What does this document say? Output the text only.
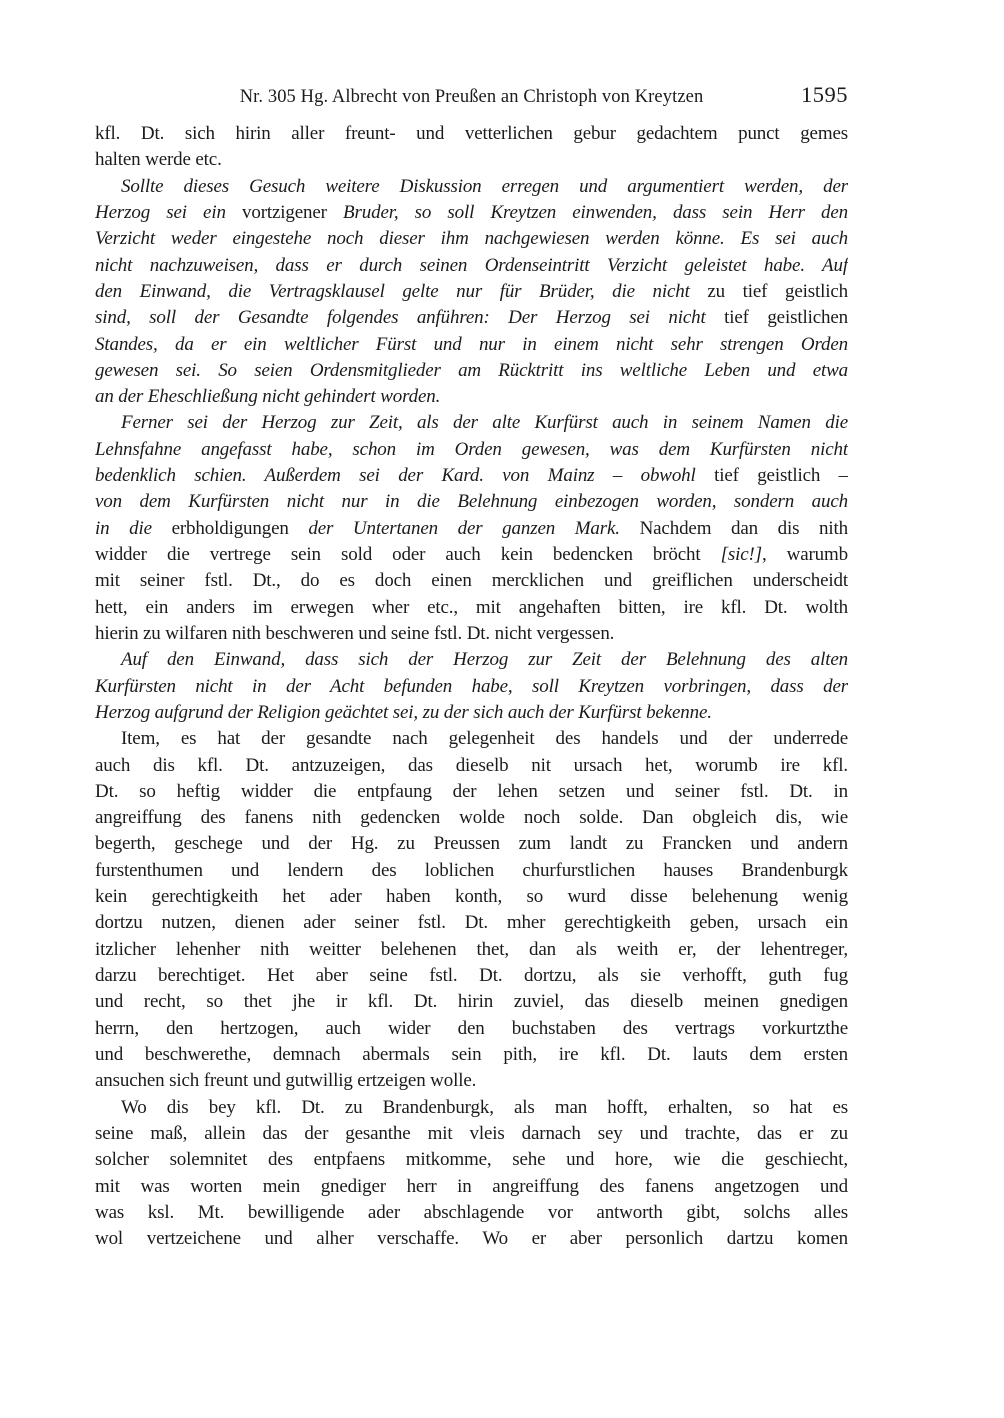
Nr. 305 Hg. Albrecht von Preußen an Christoph von Kreytzen	1595
kfl. Dt. sich hirin aller freunt- und vetterlichen gebur gedachtem punct gemes
halten werde etc.
Sollte dieses Gesuch weitere Diskussion erregen und argumentiert werden, der
Herzog sei ein vortzigener Bruder, so soll Kreytzen einwenden, dass sein Herr den
Verzicht weder eingestehe noch dieser ihm nachgewiesen werden könne. Es sei auch
nicht nachzuweisen, dass er durch seinen Ordenseintritt Verzicht geleistet habe. Auf
den Einwand, die Vertragsklausel gelte nur für Brüder, die nicht zu tief geistlich
sind, soll der Gesandte folgendes anführen: Der Herzog sei nicht tief geistlichen
Standes, da er ein weltlicher Fürst und nur in einem nicht sehr strengen Orden
gewesen sei. So seien Ordensmitglieder am Rücktritt ins weltliche Leben und etwa
an der Eheschließung nicht gehindert worden.
Ferner sei der Herzog zur Zeit, als der alte Kurfürst auch in seinem Namen die
Lehnsfahne angefasst habe, schon im Orden gewesen, was dem Kurfürsten nicht
bedenklich schien. Außerdem sei der Kard. von Mainz – obwohl tief geistlich –
von dem Kurfürsten nicht nur in die Belehnung einbezogen worden, sondern auch
in die erbholdigungen der Untertanen der ganzen Mark. Nachdem dan dis nith
widder die vertrege sein sold oder auch kein bedencken bröcht [sic!], warumb
mit seiner fstl. Dt., do es doch einen mercklichen und greiflichen underscheidt
hett, ein anders im erwegen wher etc., mit angehaften bitten, ire kfl. Dt. wolth
hierin zu wilfaren nith beschweren und seine fstl. Dt. nicht vergessen.
Auf den Einwand, dass sich der Herzog zur Zeit der Belehnung des alten
Kurfürsten nicht in der Acht befunden habe, soll Kreytzen vorbringen, dass der
Herzog aufgrund der Religion geächtet sei, zu der sich auch der Kurfürst bekenne.
Item, es hat der gesandte nach gelegenheit des handels und der underrede
auch dis kfl. Dt. antzuzeigen, das dieselb nit ursach het, worumb ire kfl.
Dt. so heftig widder die entpfaung der lehen setzen und seiner fstl. Dt. in
angreiffung des fanens nith gedencken wolde noch solde. Dan obgleich dis, wie
begerth, geschege und der Hg. zu Preussen zum landt zu Francken und andern
furstenthumen und lendern des loblichen churfurstlichen hauses Brandenburgk
kein gerechtigkeith het ader haben konth, so wurd disse belehenung wenig
dortzu nutzen, dienen ader seiner fstl. Dt. mher gerechtigkeith geben, ursach ein
itzlicher lehenher nith weitter belehenen thet, dan als weith er, der lehentreger,
darzu berechtiget. Het aber seine fstl. Dt. dortzu, als sie verhofft, guth fug
und recht, so thet jhe ir kfl. Dt. hirin zuviel, das dieselb meinen gnedigen
herrn, den hertzogen, auch wider den buchstaben des vertrags vorkurtzthe
und beschwerethe, demnach abermals sein pith, ire kfl. Dt. lauts dem ersten
ansuchen sich freunt und gutwillig ertzeigen wolle.
Wo dis bey kfl. Dt. zu Brandenburgk, als man hofft, erhalten, so hat es
seine maß, allein das der gesanthe mit vleis darnach sey und trachte, das er zu
solcher solemnitet des entpfaens mitkomme, sehe und hore, wie die geschiecht,
mit was worten mein gnediger herr in angreiffung des fanens angetzogen und
was ksl. Mt. bewilligende ader abschlagende vor antworth gibt, solchs alles
wol vertzeichene und alher verschaffe. Wo er aber personlich dartzu komen
